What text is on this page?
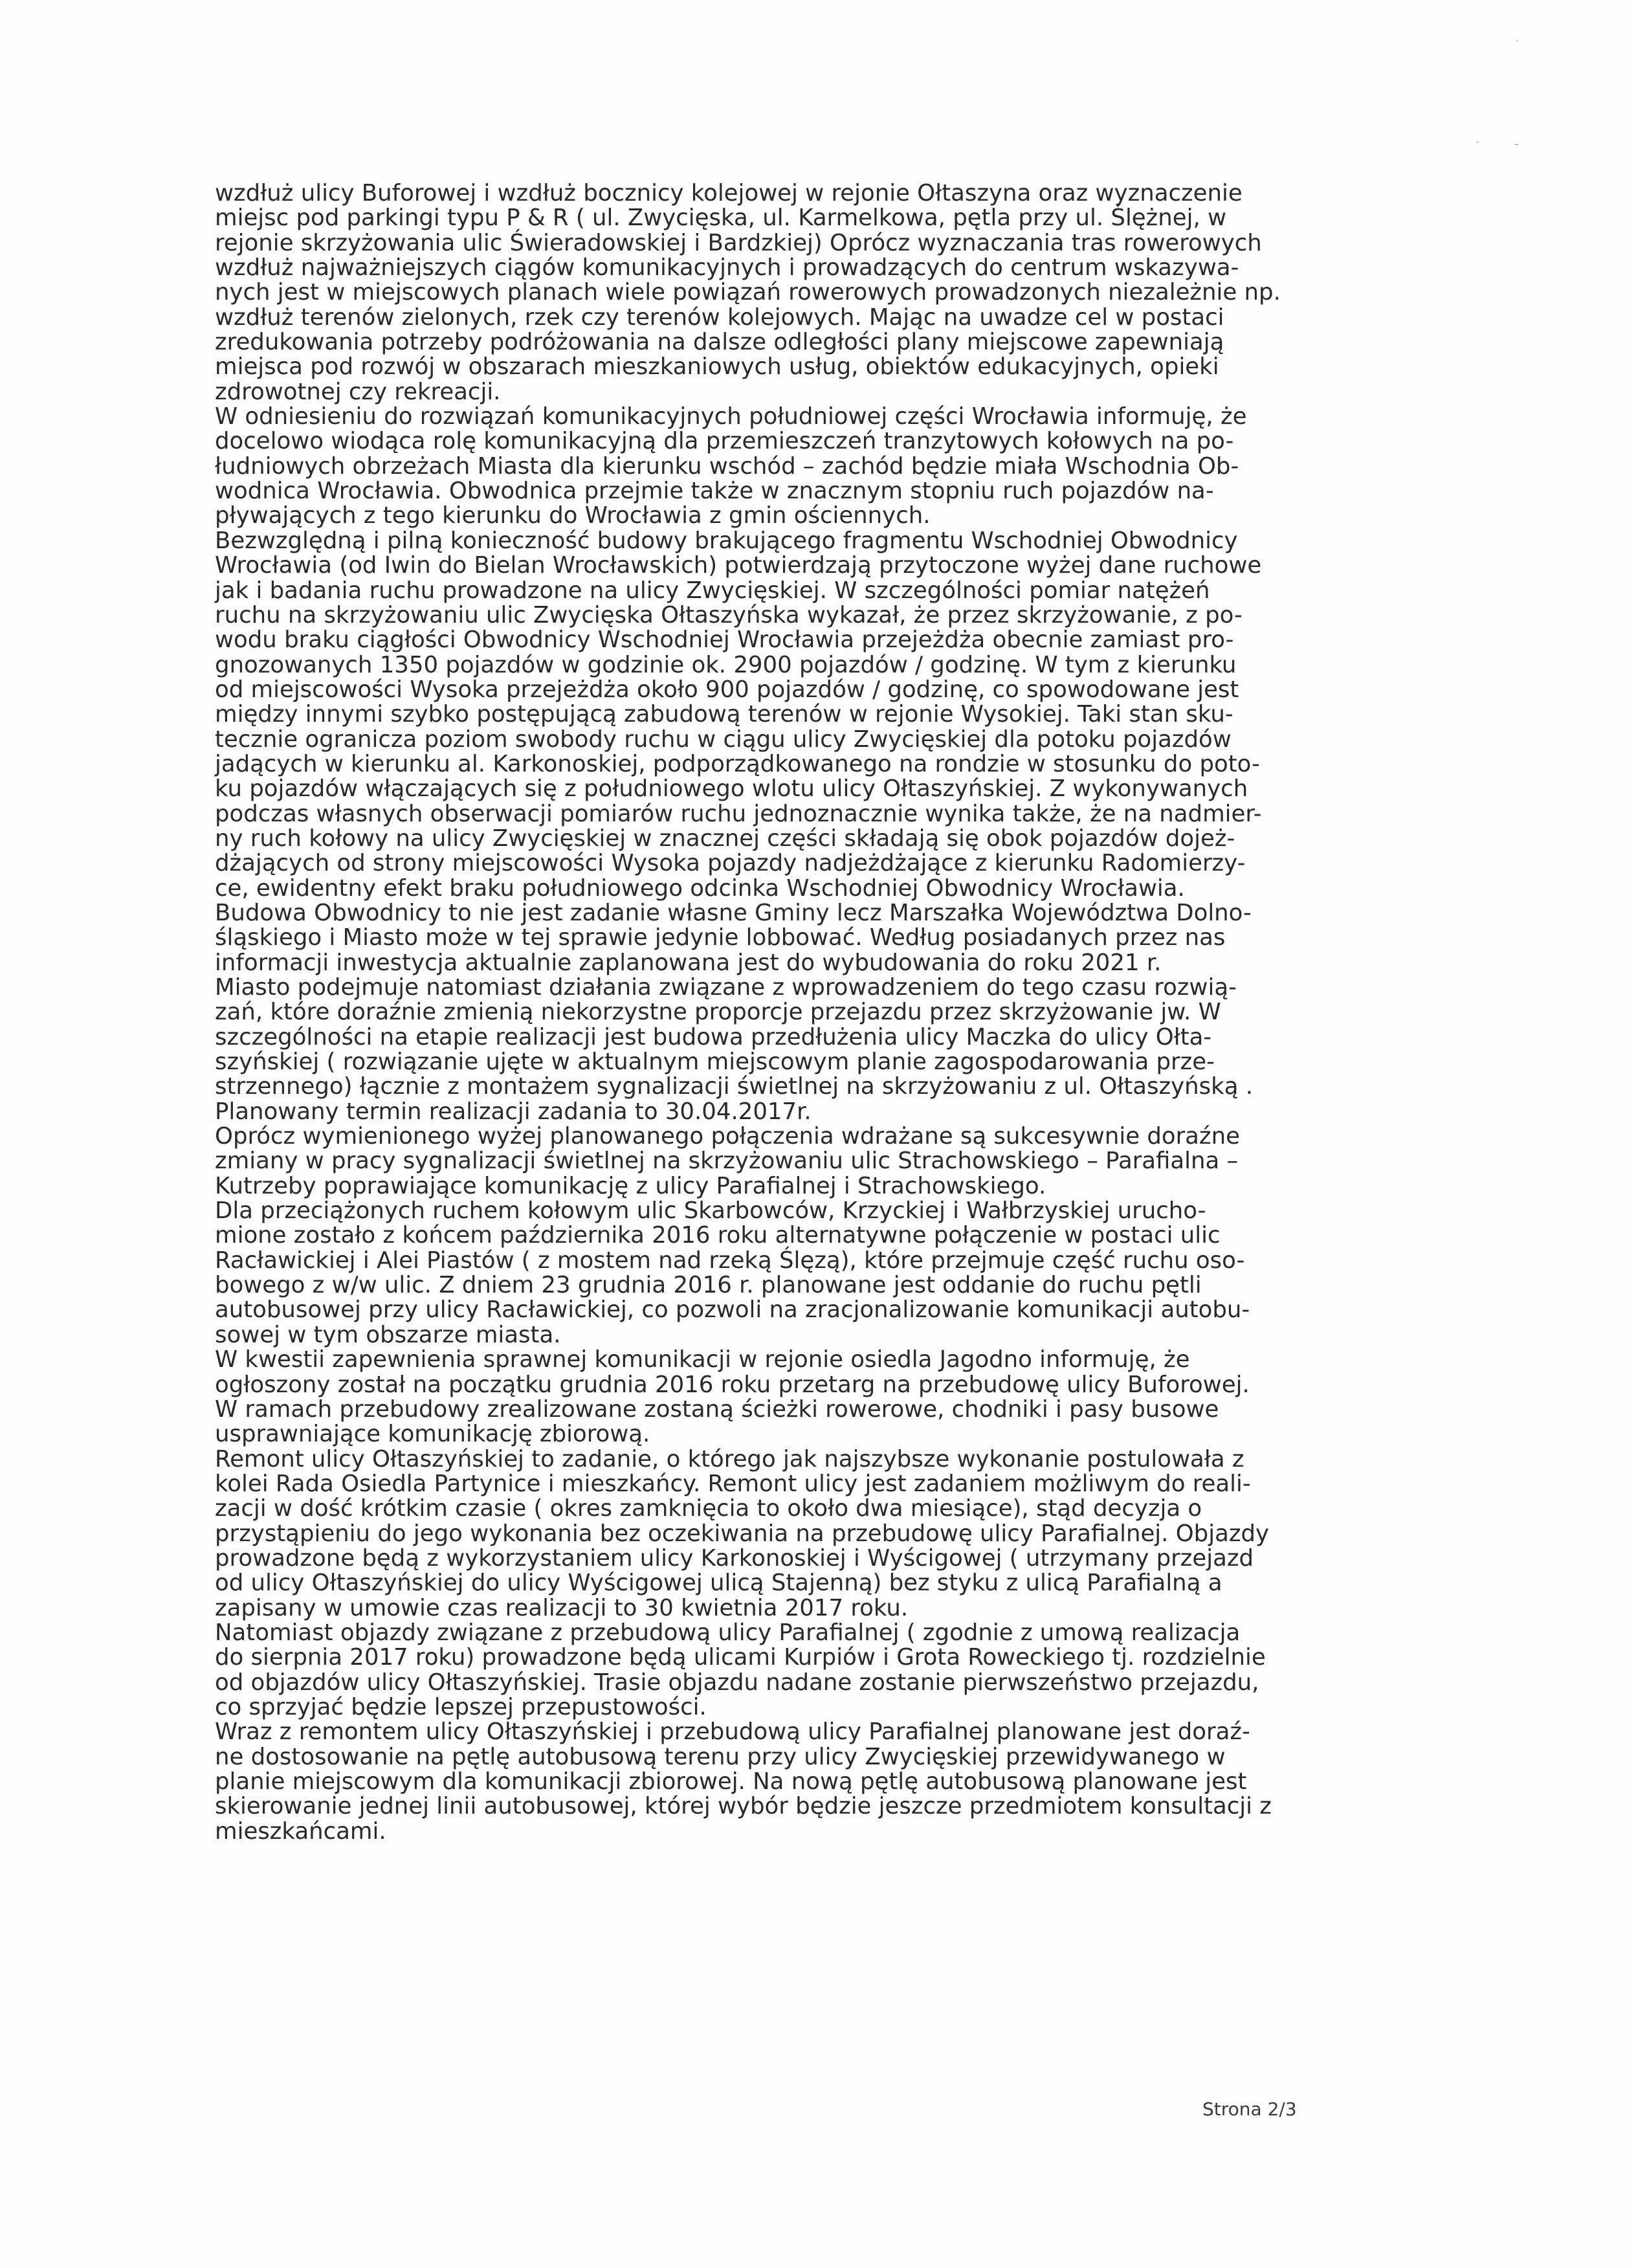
˙
·	-
wzdłuż ulicy Buforowej i wzdłuż bocznicy kolejowej w rejonie Ołtaszyna oraz wyznaczenie
miejsc pod parkingi typu P & R ( ul. Zwycięska, ul. Karmelkowa, pętla przy ul. Ślężnej, w
rejonie skrzyżowania ulic Świeradowskiej i Bardzkiej) Oprócz wyznaczania tras rowerowych
wzdłuż najważniejszych ciągów komunikacyjnych i prowadzących do centrum wskazywa-
nych jest w miejscowych planach wiele powiązań rowerowych prowadzonych niezależnie np.
wzdłuż terenów zielonych, rzek czy terenów kolejowych. Mając na uwadze cel w postaci
zredukowania potrzeby podróżowania na dalsze odległości plany miejscowe zapewniają
miejsca pod rozwój w obszarach mieszkaniowych usług, obiektów edukacyjnych, opieki
zdrowotnej czy rekreacji.
W odniesieniu do rozwiązań komunikacyjnych południowej części Wrocławia informuję, że
docelowo wiodąca rolę komunikacyjną dla przemieszczeń tranzytowych kołowych na po-
łudniowych obrzeżach Miasta dla kierunku wschód – zachód będzie miała Wschodnia Ob-
wodnica Wrocławia. Obwodnica przejmie także w znacznym stopniu ruch pojazdów na-
pływających z tego kierunku do Wrocławia z gmin ościennych.
Bezwzględną i pilną konieczność budowy brakującego fragmentu Wschodniej Obwodnicy
Wrocławia (od Iwin do Bielan Wrocławskich) potwierdzają przytoczone wyżej dane ruchowe
jak i badania ruchu prowadzone na ulicy Zwycięskiej. W szczególności pomiar natężeń
ruchu na skrzyżowaniu ulic Zwycięska Ołtaszyńska wykazał, że przez skrzyżowanie, z po-
wodu braku ciągłości Obwodnicy Wschodniej Wrocławia przejeżdża obecnie zamiast pro-
gnozowanych 1350 pojazdów w godzinie ok. 2900 pojazdów / godzinę. W tym z kierunku
od miejscowości Wysoka przejeżdża około 900 pojazdów / godzinę, co spowodowane jest
między innymi szybko postępującą zabudową terenów w rejonie Wysokiej. Taki stan sku-
tecznie ogranicza poziom swobody ruchu w ciągu ulicy Zwycięskiej dla potoku pojazdów
jadących w kierunku al. Karkonoskiej, podporządkowanego na rondzie w stosunku do poto-
ku pojazdów włączających się z południowego wlotu ulicy Ołtaszyńskiej. Z wykonywanych
podczas własnych obserwacji pomiarów ruchu jednoznacznie wynika także, że na nadmier-
ny ruch kołowy na ulicy Zwycięskiej w znacznej części składają się obok pojazdów dojeż-
dżających od strony miejscowości Wysoka pojazdy nadjeżdżające z kierunku Radomierzy-
ce, ewidentny efekt braku południowego odcinka Wschodniej Obwodnicy Wrocławia.
Budowa Obwodnicy to nie jest zadanie własne Gminy lecz Marszałka Województwa Dolno-
śląskiego i Miasto może w tej sprawie jedynie lobbować. Według posiadanych przez nas
informacji inwestycja aktualnie zaplanowana jest do wybudowania do roku 2021 r.
Miasto podejmuje natomiast działania związane z wprowadzeniem do tego czasu rozwią-
zań, które doraźnie zmienią niekorzystne proporcje przejazdu przez skrzyżowanie jw. W
szczególności na etapie realizacji jest budowa przedłużenia ulicy Maczka do ulicy Ołta-
szyńskiej ( rozwiązanie ujęte w aktualnym miejscowym planie zagospodarowania prze-
strzennego) łącznie z montażem sygnalizacji świetlnej na skrzyżowaniu z ul. Ołtaszyńską .
Planowany termin realizacji zadania to 30.04.2017r.
Oprócz wymienionego wyżej planowanego połączenia wdrażane są sukcesywnie doraźne
zmiany w pracy sygnalizacji świetlnej na skrzyżowaniu ulic Strachowskiego – Parafialna –
Kutrzeby poprawiające komunikację z ulicy Parafialnej i Strachowskiego.
Dla przeciążonych ruchem kołowym ulic Skarbowców, Krzyckiej i Wałbrzyskiej urucho-
mione zostało z końcem października 2016 roku alternatywne połączenie w postaci ulic
Racławickiej i Alei Piastów ( z mostem nad rzeką Ślęzą), które przejmuje część ruchu oso-
bowego z w/w ulic. Z dniem 23 grudnia 2016 r. planowane jest oddanie do ruchu pętli
autobusowej przy ulicy Racławickiej, co pozwoli na zracjonalizowanie komunikacji autobu-
sowej w tym obszarze miasta.
W kwestii zapewnienia sprawnej komunikacji w rejonie osiedla Jagodno informuję, że
ogłoszony został na początku grudnia 2016 roku przetarg na przebudowę ulicy Buforowej.
W ramach przebudowy zrealizowane zostaną ścieżki rowerowe, chodniki i pasy busowe
usprawniające komunikację zbiorową.
Remont ulicy Ołtaszyńskiej to zadanie, o którego jak najszybsze wykonanie postulowała z
kolei Rada Osiedla Partynice i mieszkańcy. Remont ulicy jest zadaniem możliwym do reali-
zacji w dość krótkim czasie ( okres zamknięcia to około dwa miesiące), stąd decyzja o
przystąpieniu do jego wykonania bez oczekiwania na przebudowę ulicy Parafialnej. Objazdy
prowadzone będą z wykorzystaniem ulicy Karkonoskiej i Wyścigowej ( utrzymany przejazd
od ulicy Ołtaszyńskiej do ulicy Wyścigowej ulicą Stajenną) bez styku z ulicą Parafialną a
zapisany w umowie czas realizacji to 30 kwietnia 2017 roku.
Natomiast objazdy związane z przebudową ulicy Parafialnej ( zgodnie z umową realizacja
do sierpnia 2017 roku) prowadzone będą ulicami Kurpiów i Grota Roweckiego tj. rozdzielnie
od objazdów ulicy Ołtaszyńskiej. Trasie objazdu nadane zostanie pierwszeństwo przejazdu,
co sprzyjać będzie lepszej przepustowości.
Wraz z remontem ulicy Ołtaszyńskiej i przebudową ulicy Parafialnej planowane jest doraź-
ne dostosowanie na pętlę autobusową terenu przy ulicy Zwycięskiej przewidywanego w
planie miejscowym dla komunikacji zbiorowej. Na nową pętlę autobusową planowane jest
skierowanie jednej linii autobusowej, której wybór będzie jeszcze przedmiotem konsultacji z
mieszkańcami.
Strona 2/3
